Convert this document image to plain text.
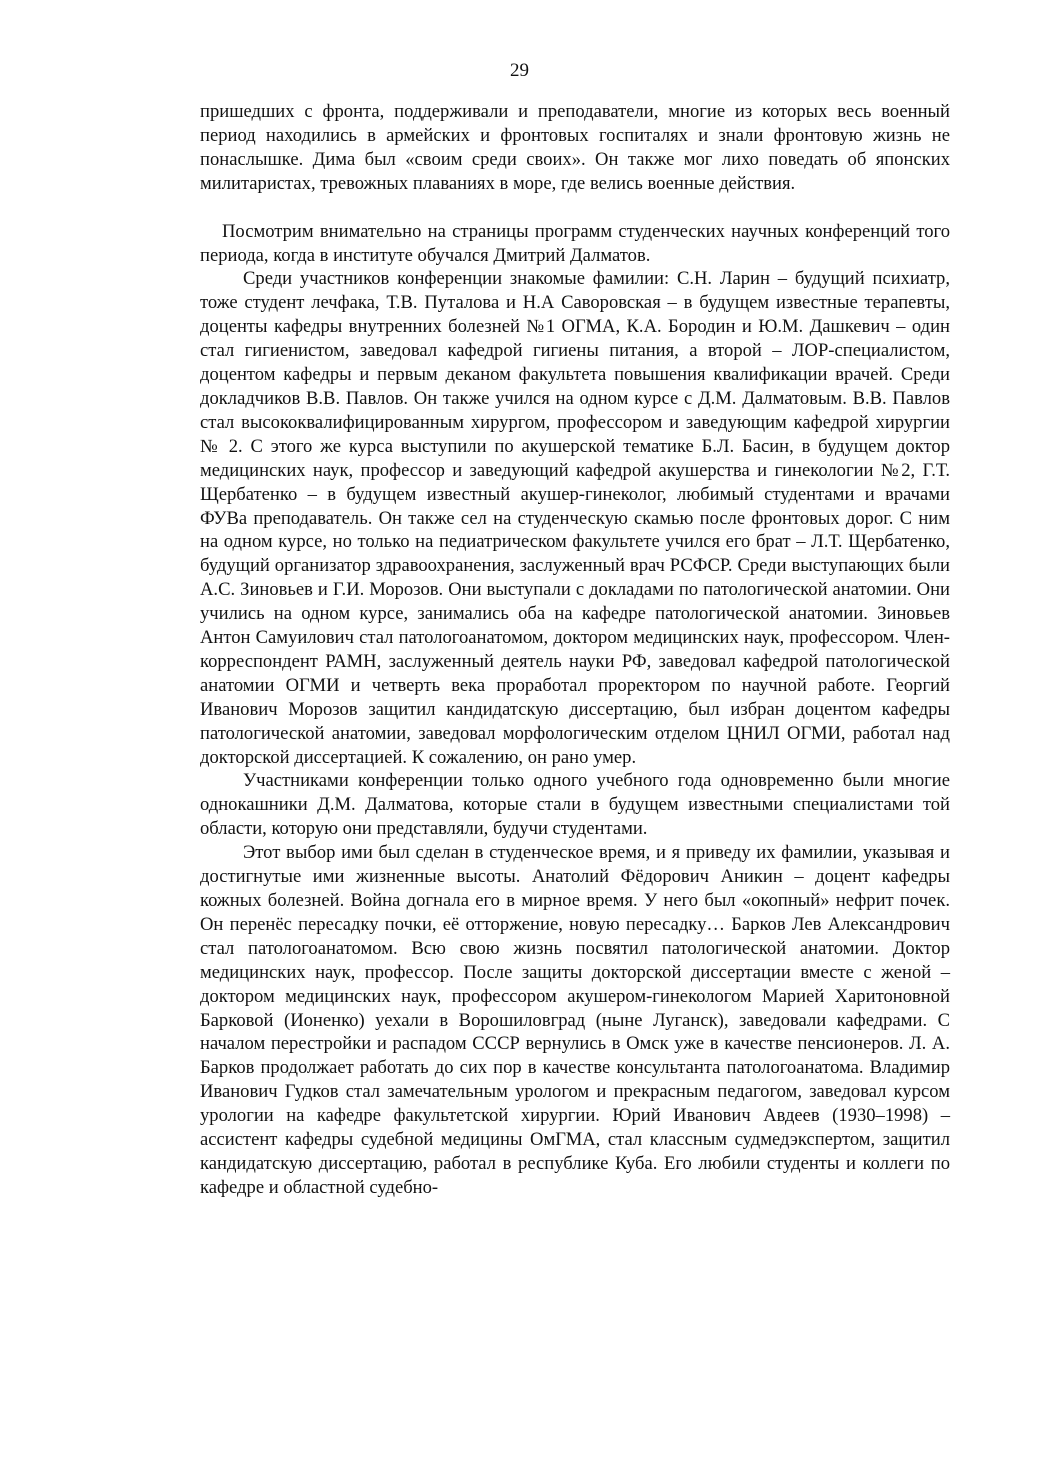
29

пришедших с фронта, поддерживали и преподаватели, многие из которых весь военный период находились в армейских и фронтовых госпиталях и знали фронтовую жизнь не понаслышке. Дима был «своим среди своих». Он также мог лихо поведать об японских милитаристах, тревожных плаваниях в море, где велись военные действия.

Посмотрим внимательно на страницы программ студенческих научных конференций того периода, когда в институте обучался Дмитрий Далматов.

Среди участников конференции знакомые фамилии: С.Н. Ларин – будущий психиатр, тоже студент лечфака, Т.В. Путалова и Н.А Саворовская – в будущем известные терапевты, доценты кафедры внутренних болезней №1 ОГМА, К.А. Бородин и Ю.М. Дашкевич – один стал гигиенистом, заведовал кафедрой гигиены питания, а второй – ЛОР-специалистом, доцентом кафедры и первым деканом факультета повышения квалификации врачей. Среди докладчиков В.В. Павлов. Он также учился на одном курсе с Д.М. Далматовым. В.В. Павлов стал высококвалифицированным хирургом, профессором и заведующим кафедрой хирургии № 2. С этого же курса выступили по акушерской тематике Б.Л. Басин, в будущем доктор медицинских наук, профессор и заведующий кафедрой акушерства и гинекологии №2, Г.Т. Щербатенко – в будущем известный акушер-гинеколог, любимый студентами и врачами ФУВа преподаватель. Он также сел на студенческую скамью после фронтовых дорог. С ним на одном курсе, но только на педиатрическом факультете учился его брат – Л.Т. Щербатенко, будущий организатор здравоохранения, заслуженный врач РСФСР. Среди выступающих были А.С. Зиновьев и Г.И. Морозов. Они выступали с докладами по патологической анатомии. Они учились на одном курсе, занимались оба на кафедре патологической анатомии. Зиновьев Антон Самуилович стал патологоанатомом, доктором медицинских наук, профессором. Член-корреспондент РАМН, заслуженный деятель науки РФ, заведовал кафедрой патологической анатомии ОГМИ и четверть века проработал проректором по научной работе. Георгий Иванович Морозов защитил кандидатскую диссертацию, был избран доцентом кафедры патологической анатомии, заведовал морфологическим отделом ЦНИЛ ОГМИ, работал над докторской диссертацией. К сожалению, он рано умер.

Участниками конференции только одного учебного года одновременно были многие однокашники Д.М. Далматова, которые стали в будущем известными специалистами той области, которую они представляли, будучи студентами.

Этот выбор ими был сделан в студенческое время, и я приведу их фамилии, указывая и достигнутые ими жизненные высоты. Анатолий Фёдорович Аникин – доцент кафедры кожных болезней. Война догнала его в мирное время. У него был «окопный» нефрит почек. Он перенёс пересадку почки, её отторжение, новую пересадку… Барков Лев Александрович стал патологоанатомом. Всю свою жизнь посвятил патологической анатомии. Доктор медицинских наук, профессор. После защиты докторской диссертации вместе с женой – доктором медицинских наук, профессором акушером-гинекологом Марией Харитоновной Барковой (Ионенко) уехали в Ворошиловград (ныне Луганск), заведовали кафедрами. С началом перестройки и распадом СССР вернулись в Омск уже в качестве пенсионеров. Л. А. Барков продолжает работать до сих пор в качестве консультанта патологоанатома. Владимир Иванович Гудков стал замечательным урологом и прекрасным педагогом, заведовал курсом урологии на кафедре факультетской хирургии. Юрий Иванович Авдеев (1930–1998) – ассистент кафедры судебной медицины ОмГМА, стал классным судмедэкспертом, защитил кандидатскую диссертацию, работал в республике Куба. Его любили студенты и коллеги по кафедре и областной судебно-
